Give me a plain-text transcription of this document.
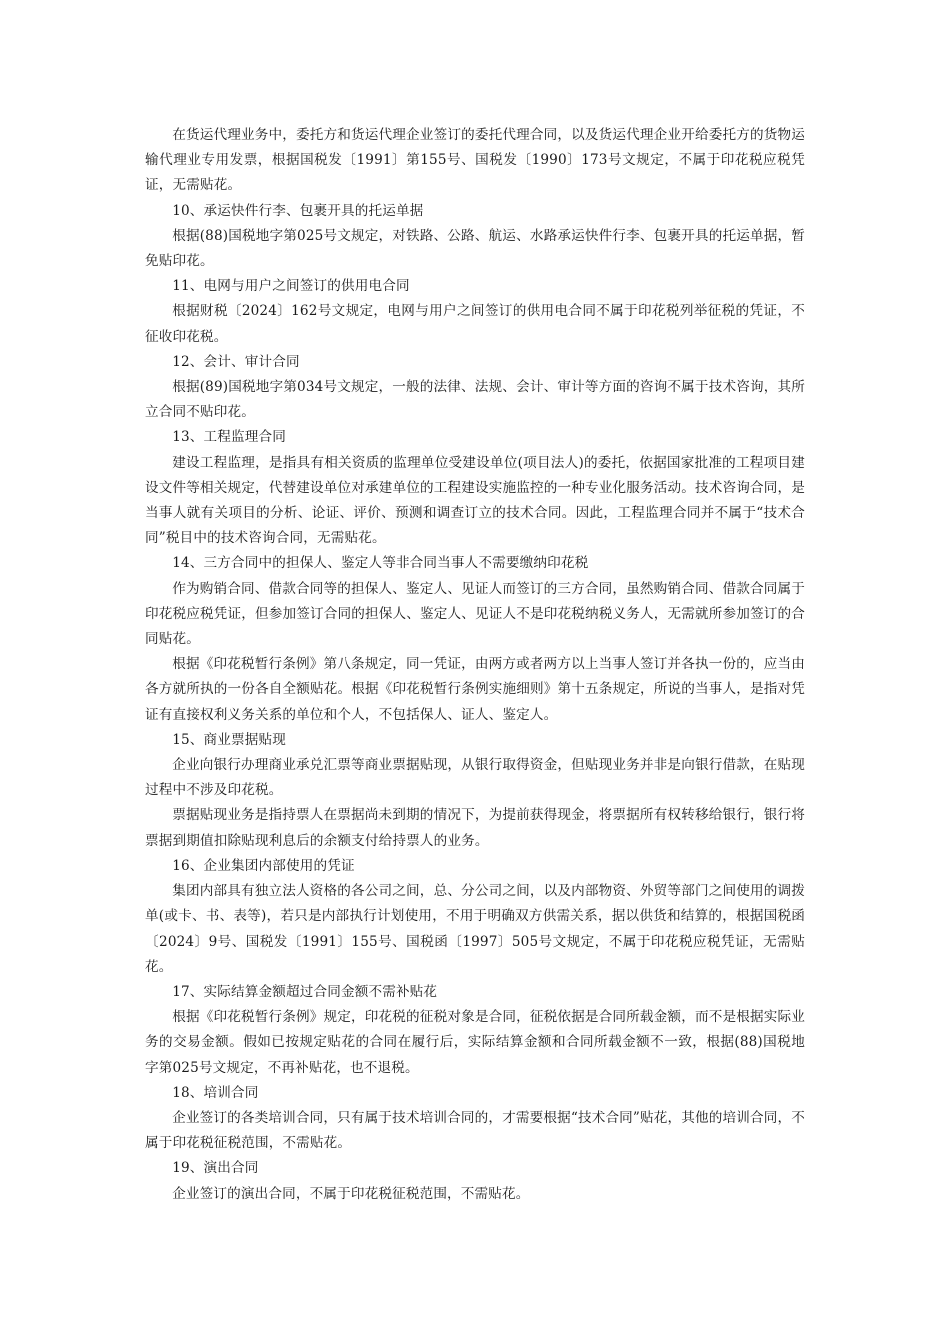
在货运代理业务中，委托方和货运代理企业签订的委托代理合同，以及货运代理企业开给委托方的货物运输代理业专用发票，根据国税发〔1991〕第155号、国税发〔1990〕173号文规定，不属于印花税应税凭证，无需贴花。

10、承运快件行李、包裹开具的托运单据

根据(88)国税地字第025号文规定，对铁路、公路、航运、水路承运快件行李、包裹开具的托运单据，暂免贴印花。

11、电网与用户之间签订的供用电合同

根据财税〔2024〕162号文规定，电网与用户之间签订的供用电合同不属于印花税列举征税的凭证，不征收印花税。

12、会计、审计合同

根据(89)国税地字第034号文规定，一般的法律、法规、会计、审计等方面的咨询不属于技术咨询，其所立合同不贴印花。

13、工程监理合同

建设工程监理，是指具有相关资质的监理单位受建设单位(项目法人)的委托，依据国家批准的工程项目建设文件等相关规定，代替建设单位对承建单位的工程建设实施监控的一种专业化服务活动。技术咨询合同，是当事人就有关项目的分析、论证、评价、预测和调查订立的技术合同。因此，工程监理合同并不属于“技术合同”税目中的技术咨询合同，无需贴花。

14、三方合同中的担保人、鉴定人等非合同当事人不需要缴纳印花税

作为购销合同、借款合同等的担保人、鉴定人、见证人而签订的三方合同，虽然购销合同、借款合同属于印花税应税凭证，但参加签订合同的担保人、鉴定人、见证人不是印花税纳税义务人，无需就所参加签订的合同贴花。

根据《印花税暂行条例》第八条规定，同一凭证，由两方或者两方以上当事人签订并各执一份的，应当由各方就所执的一份各自全额贴花。根据《印花税暂行条例实施细则》第十五条规定，所说的当事人，是指对凭证有直接权利义务关系的单位和个人，不包括保人、证人、鉴定人。

15、商业票据贴现

企业向银行办理商业承兑汇票等商业票据贴现，从银行取得资金，但贴现业务并非是向银行借款，在贴现过程中不涉及印花税。

票据贴现业务是指持票人在票据尚未到期的情况下，为提前获得现金，将票据所有权转移给银行，银行将票据到期值扣除贴现利息后的余额支付给持票人的业务。

16、企业集团内部使用的凭证

集团内部具有独立法人资格的各公司之间，总、分公司之间，以及内部物资、外贸等部门之间使用的调拨单(或卡、书、表等)，若只是内部执行计划使用，不用于明确双方供需关系，据以供货和结算的，根据国税函〔2024〕9号、国税发〔1991〕155号、国税函〔1997〕505号文规定，不属于印花税应税凭证，无需贴花。

17、实际结算金额超过合同金额不需补贴花

根据《印花税暂行条例》规定，印花税的征税对象是合同，征税依据是合同所载金额，而不是根据实际业务的交易金额。假如已按规定贴花的合同在履行后，实际结算金额和合同所载金额不一致，根据(88)国税地字第025号文规定，不再补贴花，也不退税。

18、培训合同

企业签订的各类培训合同，只有属于技术培训合同的，才需要根据“技术合同”贴花，其他的培训合同，不属于印花税征税范围，不需贴花。

19、演出合同

企业签订的演出合同，不属于印花税征税范围，不需贴花。
